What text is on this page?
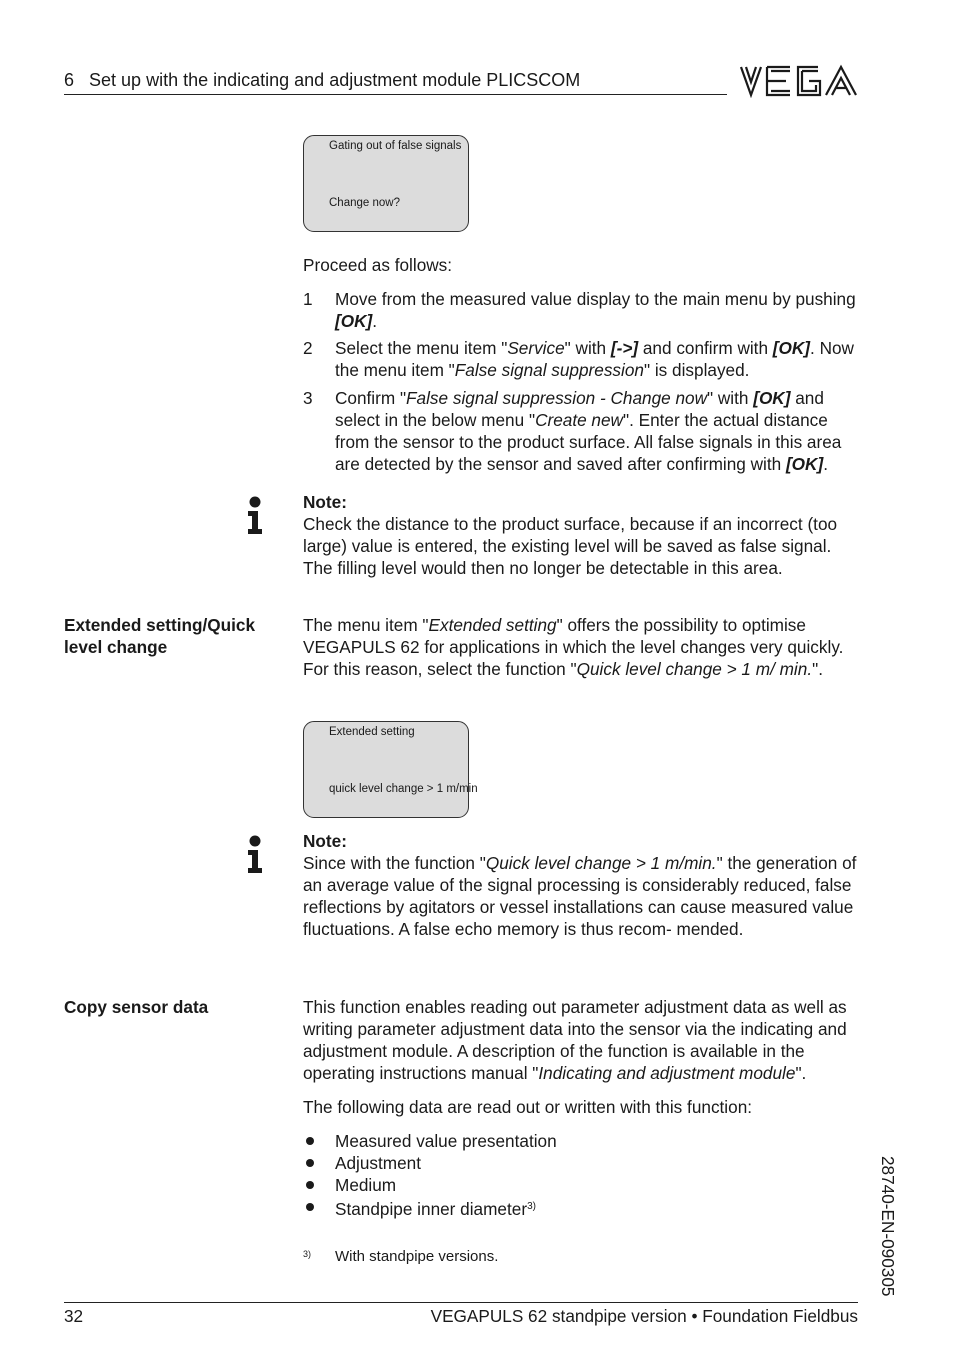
6 Set up with the indicating and adjustment module PLICSCOM
Gating out of false signals
Change now?
Proceed as follows:
1	Move from the measured value display to the main menu by pushing [OK].
2	Select the menu item "Service" with [->] and confirm with [OK]. Now the menu item "False signal suppression" is displayed.
3	Confirm "False signal suppression - Change now" with [OK] and select in the below menu "Create new". Enter the actual distance from the sensor to the product surface. All false signals in this area are detected by the sensor and saved after confirming with [OK].
Note:
Check the distance to the product surface, because if an incorrect (too large) value is entered, the existing level will be saved as false signal. The filling level would then no longer be detectable in this area.
Extended setting/Quick level change
The menu item "Extended setting" offers the possibility to optimise VEGAPULS 62 for applications in which the level changes very quickly. For this reason, select the function "Quick level change > 1 m/ min.".
Extended setting
quick level change > 1 m/min
Note:
Since with the function "Quick level change > 1 m/min." the generation of an average value of the signal processing is considerably reduced, false reflections by agitators or vessel installations can cause measured value fluctuations. A false echo memory is thus recom- mended.
Copy sensor data	This function enables reading out parameter adjustment data as well as writing parameter adjustment data into the sensor via the indicating and adjustment module. A description of the function is available in the operating instructions manual "Indicating and adjustment module".
The following data are read out or written with this function:
Measured value presentation
Adjustment
Medium
Standpipe inner diameter$^{3)}$
3) With standpipe versions.	28740-EN-090305
32	VEGAPULS 62 standpipe version • Foundation Fieldbus
